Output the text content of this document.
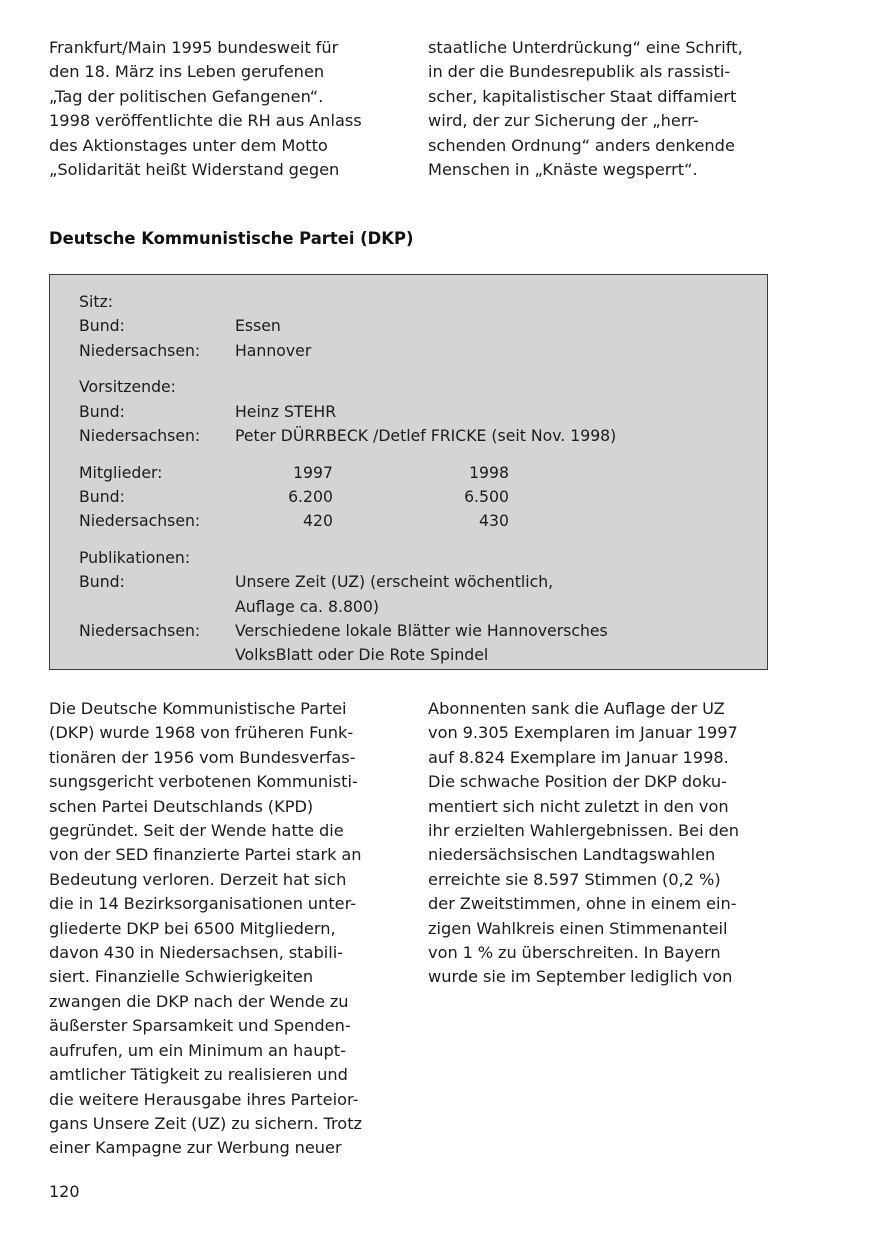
Frankfurt/Main 1995 bundesweit für
den 18. März ins Leben gerufenen
„Tag der politischen Gefangenen“.
1998 veröffentlichte die RH aus Anlass
des Aktionstages unter dem Motto
„Solidarität heißt Widerstand gegen

staatliche Unterdrückung“ eine Schrift,
in der die Bundesrepublik als rassisti-
scher, kapitalistischer Staat diffamiert
wird, der zur Sicherung der „herr-
schenden Ordnung“ anders denkende
Menschen in „Knäste wegsperrt“.

Deutsche Kommunistische Partei (DKP)
Sitz:
Bund:	Essen
Niedersachsen:	Hannover
Vorsitzende:
Bund:	Heinz STEHR
Niedersachsen:	Peter DÜRRBECK /Detlef FRICKE (seit Nov. 1998)
Mitglieder:	1997	1998
Bund:	6.200	6.500
Niedersachsen:	420	430
Publikationen:
Bund:	Unsere Zeit (UZ) (erscheint wöchentlich,
Auflage ca. 8.800)
Niedersachsen:	Verschiedene lokale Blätter wie Hannoversches
VolksBlatt oder Die Rote Spindel

Die Deutsche Kommunistische Partei
(DKP) wurde 1968 von früheren Funk-
tionären der 1956 vom Bundesverfas-
sungsgericht verbotenen Kommunisti-
schen Partei Deutschlands (KPD)
gegründet. Seit der Wende hatte die
von der SED finanzierte Partei stark an
Bedeutung verloren. Derzeit hat sich
die in 14 Bezirksorganisationen unter-
gliederte DKP bei 6500 Mitgliedern,
davon 430 in Niedersachsen, stabili-
siert. Finanzielle Schwierigkeiten
zwangen die DKP nach der Wende zu
äußerster Sparsamkeit und Spenden-
aufrufen, um ein Minimum an haupt-
amtlicher Tätigkeit zu realisieren und
die weitere Herausgabe ihres Parteior-
gans Unsere Zeit (UZ) zu sichern. Trotz
einer Kampagne zur Werbung neuer

Abonnenten sank die Auflage der UZ
von 9.305 Exemplaren im Januar 1997
auf 8.824 Exemplare im Januar 1998.
Die schwache Position der DKP doku-
mentiert sich nicht zuletzt in den von
ihr erzielten Wahlergebnissen. Bei den
niedersächsischen Landtagswahlen
erreichte sie 8.597 Stimmen (0,2 %)
der Zweitstimmen, ohne in einem ein-
zigen Wahlkreis einen Stimmenanteil
von 1 % zu überschreiten. In Bayern
wurde sie im September lediglich von

120
